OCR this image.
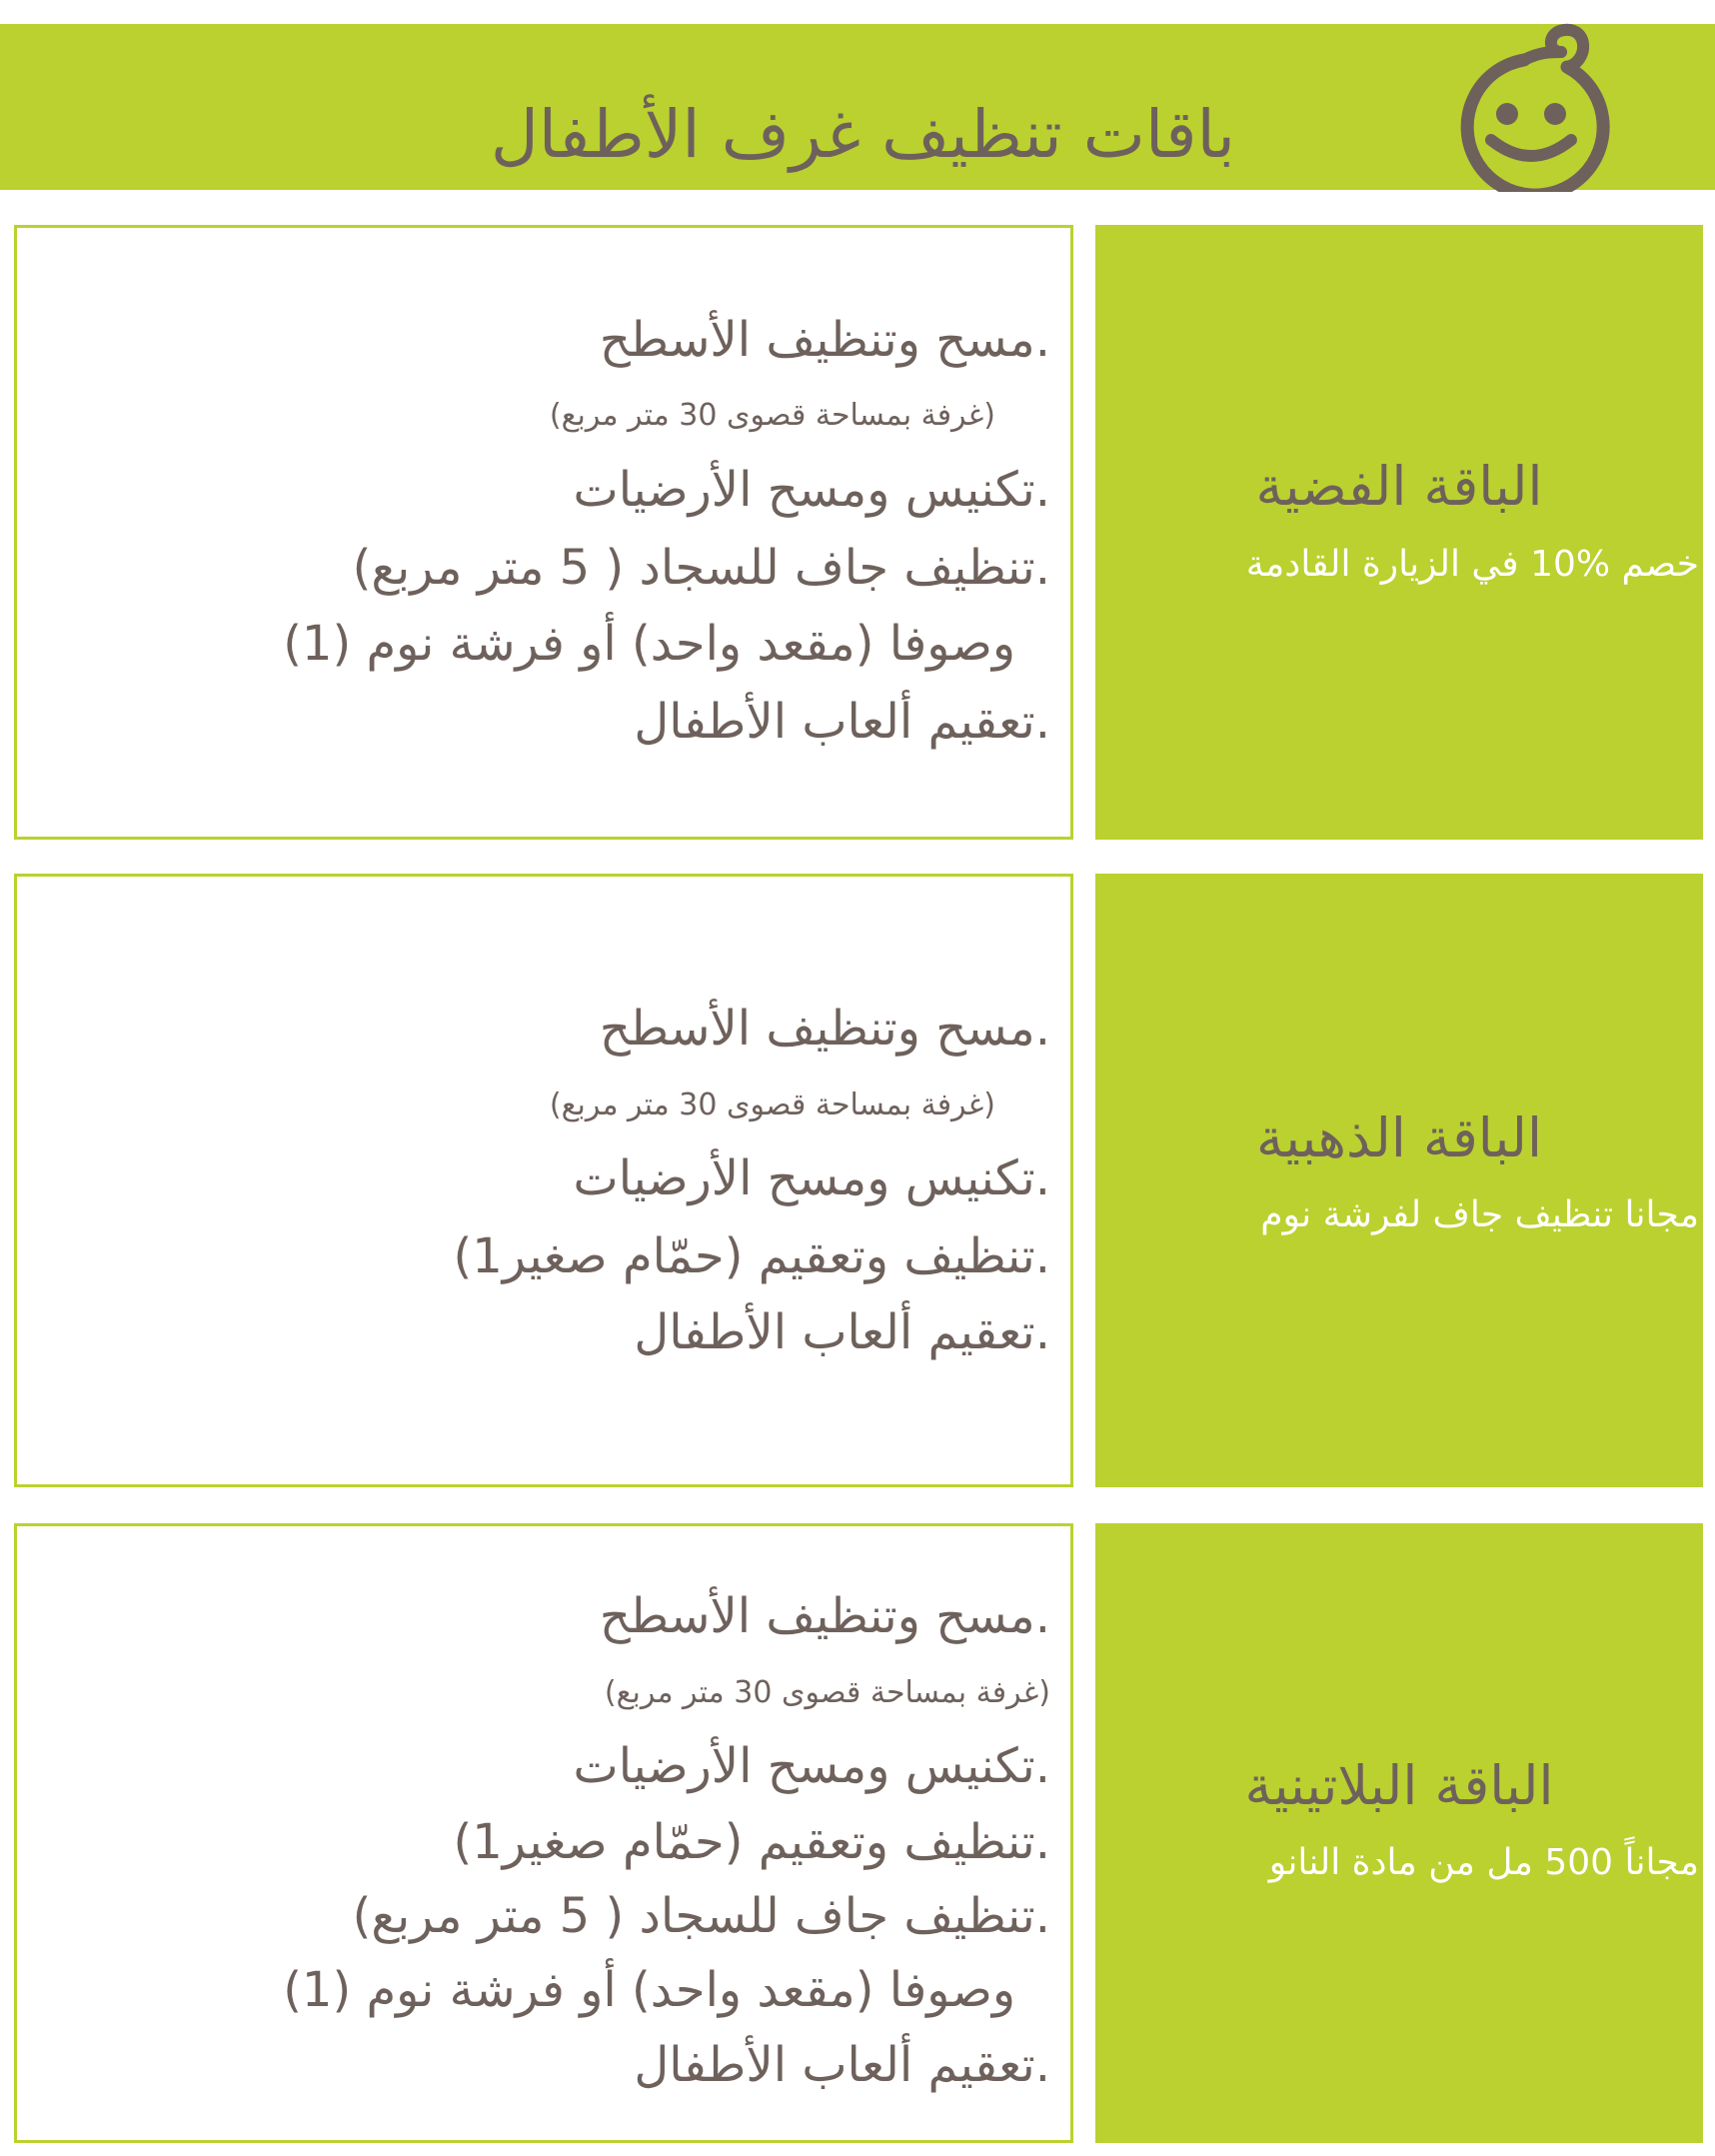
باقات تنظيف غرف الأطفال
.مسح وتنظيف الأسطح
(غرفة بمساحة قصوى 30 متر مربع)
.تكنيس ومسح الأرضيات
.تنظيف جاف للسجاد ( 5 متر مربع)
وصوفا (مقعد واحد) أو فرشة نوم (1)
.تعقيم ألعاب الأطفال
الباقة الفضية
خصم %10 في الزيارة القادمة
.مسح وتنظيف الأسطح
(غرفة بمساحة قصوى 30 متر مربع)
.تكنيس ومسح الأرضيات
.تنظيف وتعقيم (حمّام صغير1)
.تعقيم ألعاب الأطفال
الباقة الذهبية
مجانا تنظيف جاف لفرشة نوم
.مسح وتنظيف الأسطح
(غرفة بمساحة قصوى 30 متر مربع)
.تكنيس ومسح الأرضيات
.تنظيف وتعقيم (حمّام صغير1)
.تنظيف جاف للسجاد ( 5 متر مربع)
وصوفا (مقعد واحد) أو فرشة نوم (1)
.تعقيم ألعاب الأطفال
الباقة البلاتينية
مجاناً 500 مل من مادة النانو
